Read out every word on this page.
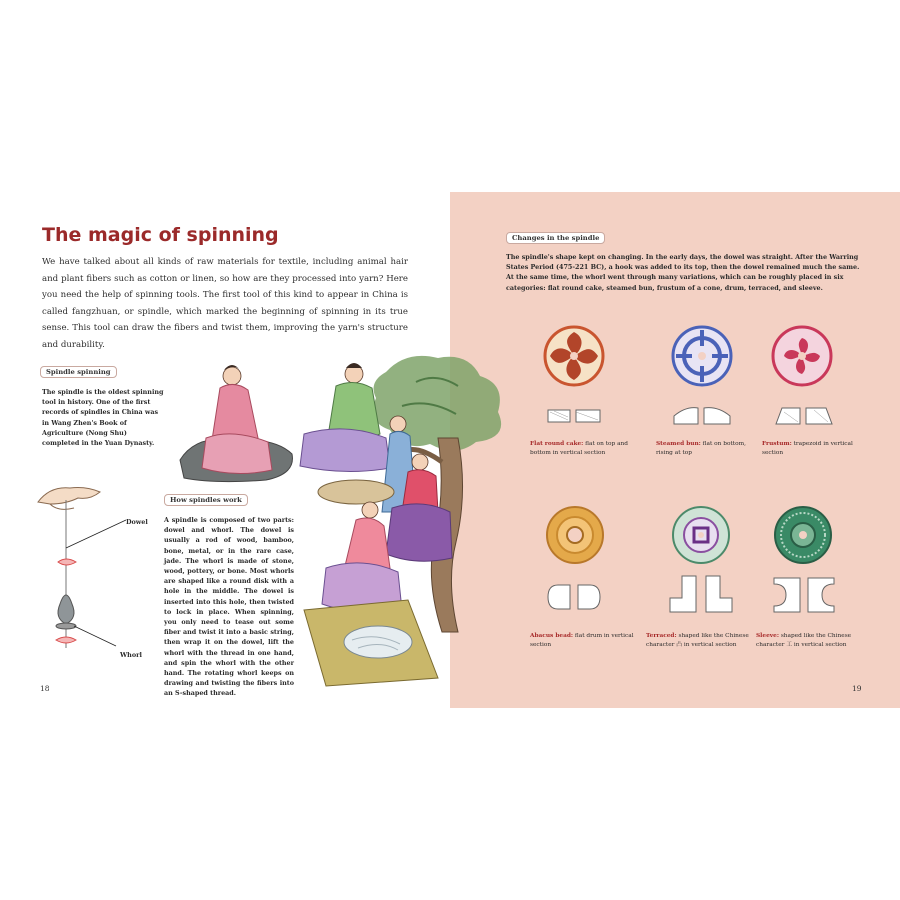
Changes in the spindle

The spindle's shape kept on changing. In the early days, the dowel was straight. After the Warring States Period (475-221 BC), a hook was added to its top, then the dowel remained much the same. At the same time, the whorl went through many variations, which can be roughly placed in six categories: flat round cake, steamed bun, frustum of a cone, drum, terraced, and sleeve.

Flat round cake: flat on top and bottom in vertical section
Steamed bun: flat on bottom, rising at top
Frustum: trapezoid in vertical section
Abacus bead: flat drum in vertical section
Terraced: shaped like the Chinese character 凸 in vertical section
Sleeve: shaped like the Chinese character 工 in vertical section
19
The magic of spinning

We have talked about all kinds of raw materials for textile, including animal hair and plant fibers such as cotton or linen, so how are they processed into yarn? Here you need the help of spinning tools. The first tool of this kind to appear in China is called fangzhuan, or spindle, which marked the beginning of spinning in its true sense. This tool can draw the fibers and twist them, improving the yarn's structure and durability.

Spindle spinning

The spindle is the oldest spinning tool in history. One of the first records of spindles in China was in Wang Zhen's Book of Agriculture (Nong Shu) completed in the Yuan Dynasty.

Dowel
Whorl
How spindles work

A spindle is composed of two parts: dowel and whorl. The dowel is usually a rod of wood, bamboo, bone, metal, or in the rare case, jade. The whorl is made of stone, wood, pottery, or bone. Most whorls are shaped like a round disk with a hole in the middle. The dowel is inserted into this hole, then twisted to lock in place. When spinning, you only need to tease out some fiber and twist it into a basic string, then wrap it on the dowel, lift the whorl with the thread in one hand, and spin the whorl with the other hand. The rotating whorl keeps on drawing and twisting the fibers into an S-shaped thread.

18
